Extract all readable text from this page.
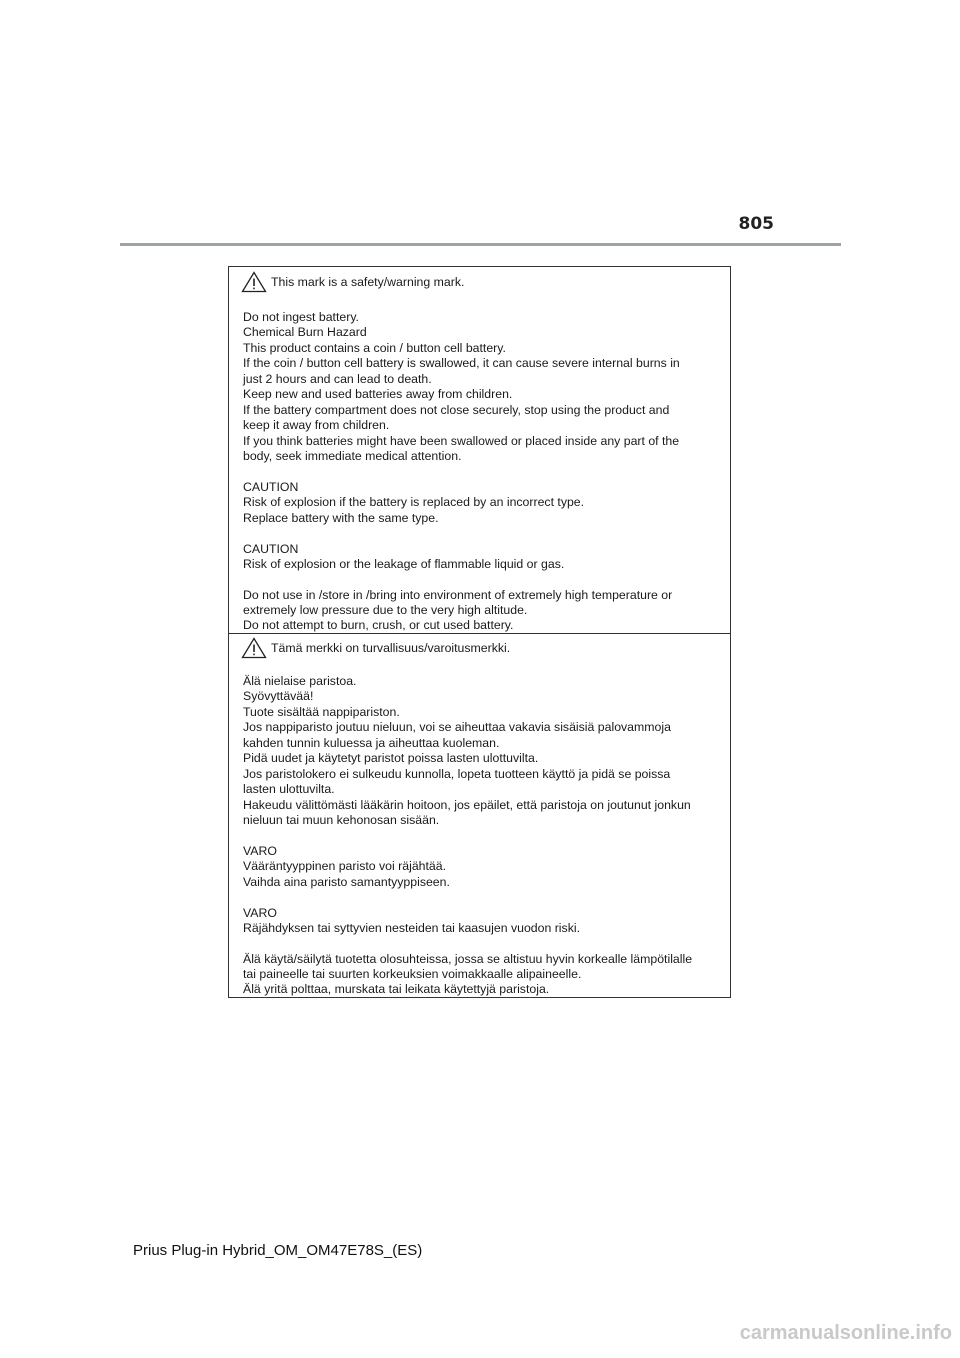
805
This mark is a safety/warning mark.
Do not ingest battery.
Chemical Burn Hazard
This product contains a coin / button cell battery.
If the coin / button cell battery is swallowed, it can cause severe internal burns in
just 2 hours and can lead to death.
Keep new and used batteries away from children.
If the battery compartment does not close securely, stop using the product and
keep it away from children.
If you think batteries might have been swallowed or placed inside any part of the
body, seek immediate medical attention.
CAUTION
Risk of explosion if the battery is replaced by an incorrect type.
Replace battery with the same type.
CAUTION
Risk of explosion or the leakage of flammable liquid or gas.
Do not use in /store in /bring into environment of extremely high temperature or
extremely low pressure due to the very high altitude.
Do not attempt to burn, crush, or cut used battery.
Tämä merkki on turvallisuus/varoitusmerkki.
Älä nielaise paristoa.
Syövyttävää!
Tuote sisältää nappipariston.
Jos nappiparisto joutuu nieluun, voi se aiheuttaa vakavia sisäisiä palovammoja
kahden tunnin kuluessa ja aiheuttaa kuoleman.
Pidä uudet ja käytetyt paristot poissa lasten ulottuvilta.
Jos paristolokero ei sulkeudu kunnolla, lopeta tuotteen käyttö ja pidä se poissa
lasten ulottuvilta.
Hakeudu välittömästi lääkärin hoitoon, jos epäilet, että paristoja on joutunut jonkun
nieluun tai muun kehonosan sisään.
VARO
Vääräntyyppinen paristo voi räjähtää.
Vaihda aina paristo samantyyppiseen.
VARO
Räjähdyksen tai syttyvien nesteiden tai kaasujen vuodon riski.
Älä käytä/säilytä tuotetta olosuhteissa, jossa se altistuu hyvin korkealle lämpötilalle
tai paineelle tai suurten korkeuksien voimakkaalle alipaineelle.
Älä yritä polttaa, murskata tai leikata käytettyjä paristoja.
Prius Plug-in Hybrid_OM_OM47E78S_(ES)
carmanualsonline.info
